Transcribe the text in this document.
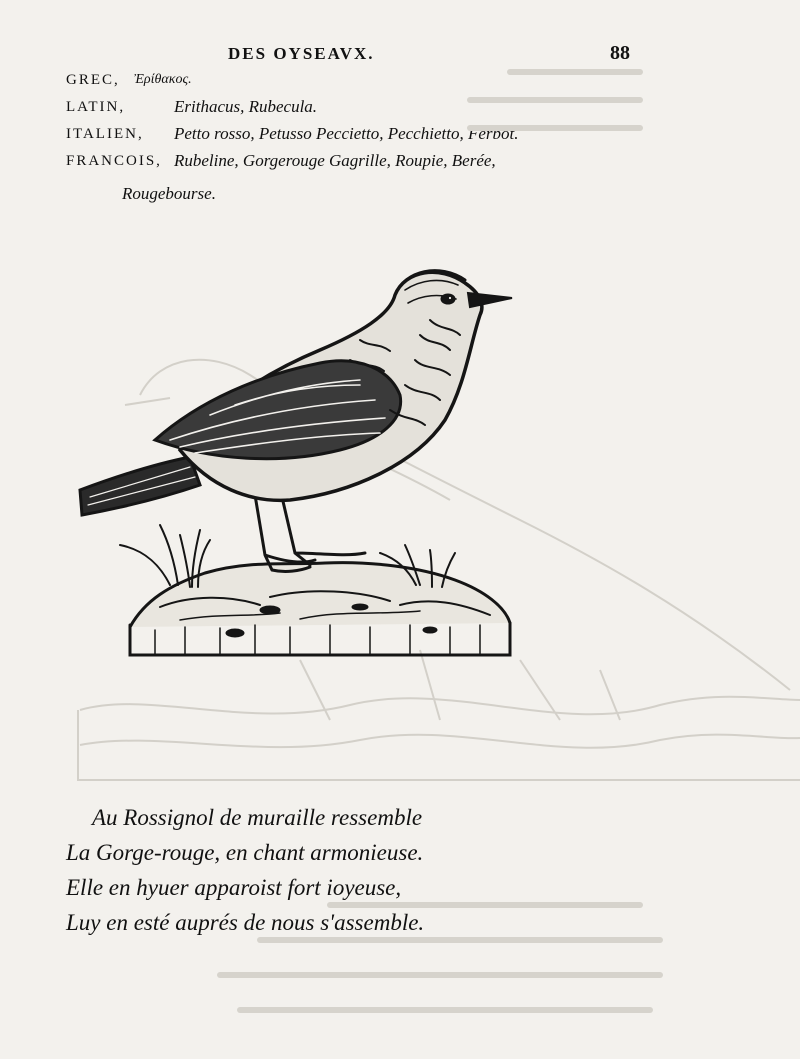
DES OYSEAVX.	88
GREC, Ἐρίθακος.
LATIN,	Erithacus, Rubecula.
ITALIEN, Petto rosso, Petusso Peccietto, Pecchietto, Ferbot.
FRANCOIS, Rubeline, Gorgerouge Gagrille, Roupie, Berée,
Rougebourse.
Au Rossignol de muraille ressemble
La Gorge-rouge, en chant armonieuse.
Elle en hyuer apparoist fort ioyeuse,
Luy en esté auprés de nous s'assemble.
